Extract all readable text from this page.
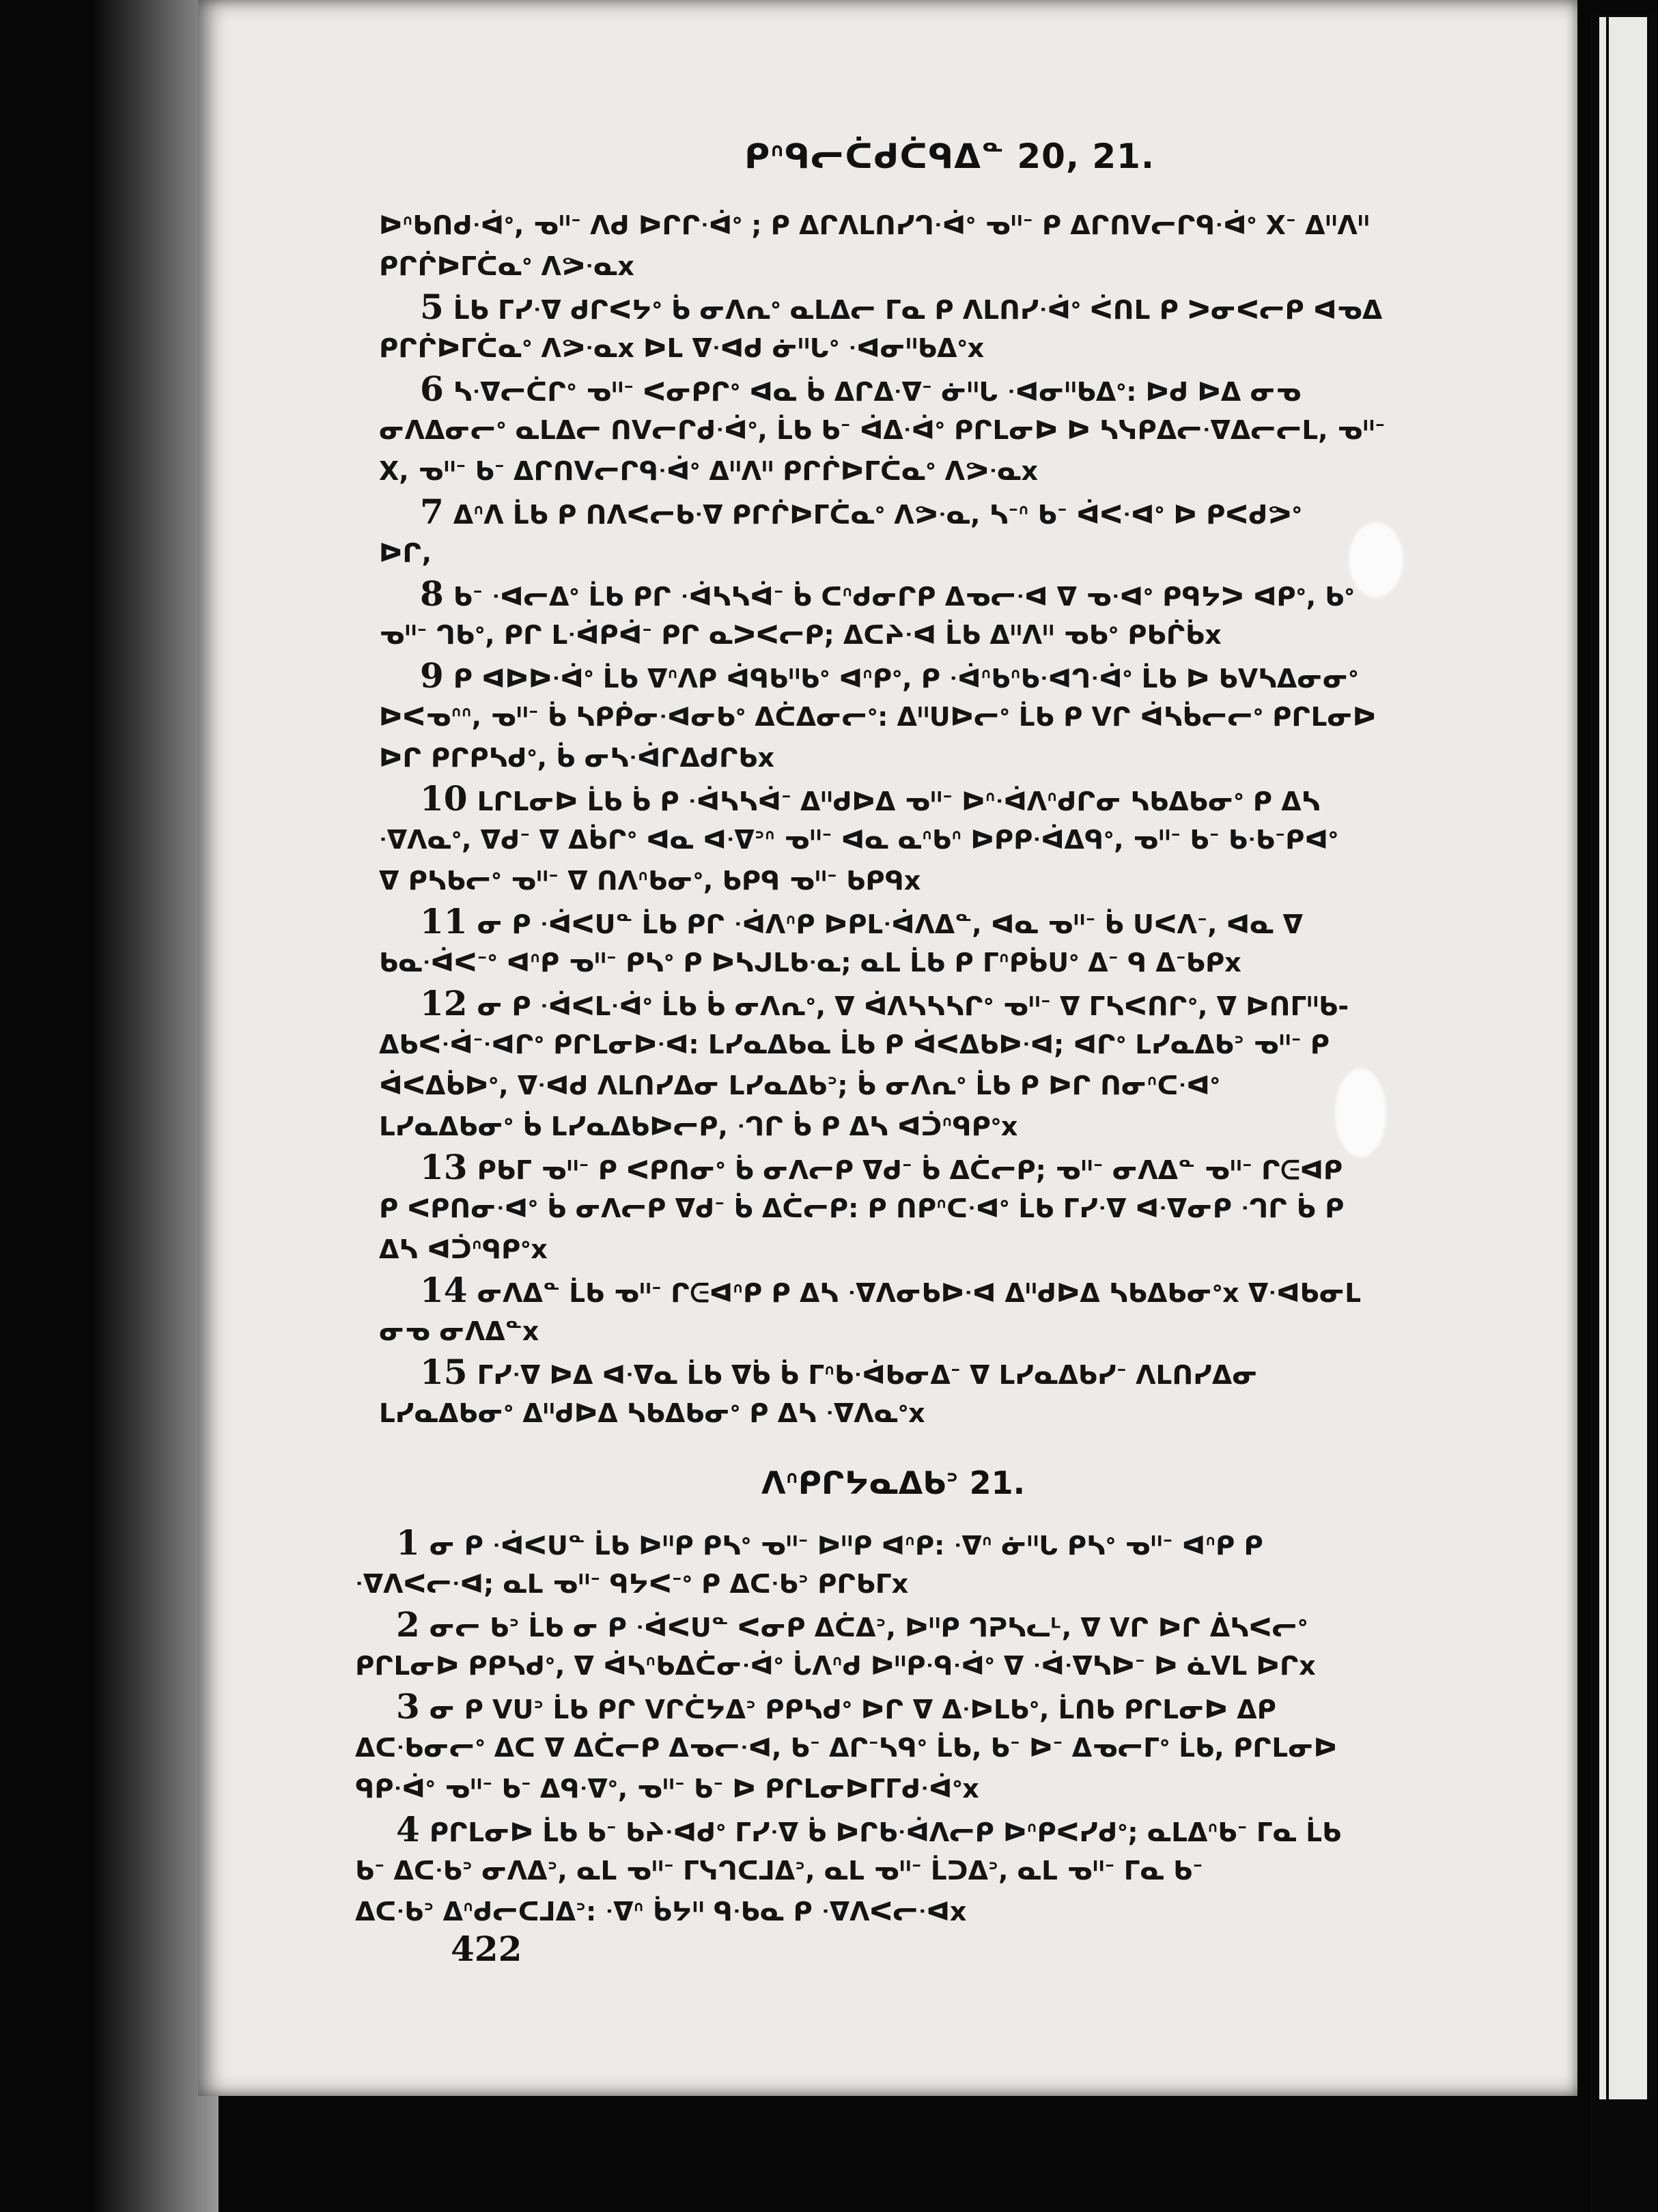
ᑭᐢᑫᓕᑖᑯᑖᑫᐃᓐ 20, 21.
ᐅᐢᑲᑎᑯᐧᐋᐤ, ᓀᐦᐨ ᐱᑯ ᐅᒋᒋᐧᐋᐤ ; ᑭ ᐃᒋᐱᒪᑎᓯᒉᐧᐋᐤ ᓀᐦᐨ ᑭ ᐃᒋᑎᐯᓕᒋᑫᐧᐋᐤ Xᐨ ᐃᐦᐱᐦ
ᑭᒋᒌᐅᒥᑖᓇᐤ ᐱᕗᐧᓇx
5 ᒫᑲ ᒥᓯᐧᐁ ᑯᒋᐸᔭᐤ ᑳ ᓂᐱᕆᐤ ᓇᒪᐃᓕ ᒥᓇ ᑭ ᐱᒪᑎᓯᐧᐋᐤ ᐹᑎᒪ ᑭ ᐳᓂᐸᓕᑭ ᐊᓀᐃ
ᑭᒋᒌᐅᒥᑖᓇᐤ ᐱᕗᐧᓇx ᐅᒪ ᐁᐧᐊᑯ ᓃᐦᒐᐤ ᐧᐊᓂᐦᑲᐃᐤx
6 ᓴᐧᐁᓕᑖᒋᐤ ᓀᐦᐨ ᐸᓂᑭᒋᐤ ᐊᓇ ᑳ ᐃᒋᐃᐧᐁᐨ ᓃᐦᒐ ᐧᐊᓂᐦᑲᐃᐤ: ᐅᑯ ᐅᐃ ᓂᓀ
ᓂᐱᐃᓂᓕᐤ ᓇᒪᐃᓕ ᑎᐯᓕᒋᑯᐧᐋᐤ, ᒫᑲ ᑲᐨ ᐋᐃᐧᐋᐤ ᑭᒋᒪᓂᐅ ᐅ ᓴᓭᑭᐃᓕᐧᐁᐃᓕᓕᒪ, ᓀᐦᐨ
X, ᓀᐦᐨ ᑲᐨ ᐃᒋᑎᐯᓕᒋᑫᐧᐋᐤ ᐃᐦᐱᐦ ᑭᒋᒌᐅᒥᑖᓇᐤ ᐱᕗᐧᓇx
7 ᐃᐢᐱ ᒫᑲ ᑭ ᑎᐱᐸᓕᑲᐧᐁ ᑭᒋᒌᐅᒥᑖᓇᐤ ᐱᕗᐧᓇ, ᓴᐨᐢ ᑲᐨ ᐋᐸᐧᐊᐤ ᐅ ᑭᐸᑯᕗᐤ
ᐅᒋ,
8 ᑲᐨ ᐧᐊᓕᐃᐤ ᒫᑲ ᑭᒋ ᐧᐋᓴᓴᐋᐨ ᑳ ᑕᐢᑯᓂᒋᑭ ᐃᓀᓕᐧᐊ ᐁ ᓀᐧᐊᐤ ᑭᑫᔭᐳ ᐊᑭᐤ, ᑲᐤ
ᓀᐦᐨ ᒉᑲᐤ, ᑭᒋ ᒪᐧᐋᑭᐋᐨ ᑭᒋ ᓇᐳᐸᓕᑭ; ᐃᑕᔨᐧᐊ ᒫᑲ ᐃᐦᐱᐦ ᓀᑲᐤ ᑭᑲᒌᑳx
9 ᑭ ᐊᐅᐅᐧᐋᐤ ᒫᑲ ᐁᐢᐱᑭ ᐋᑫᑲᐦᑲᐤ ᐊᐢᑭᐤ, ᑭ ᐧᐋᐢᑲᐢᑲᐧᐊᒉᐧᐋᐤ ᒫᑲ ᐅ ᑲᐯᓴᐃᓂᓂᐤ
ᐅᐸᓀᐢᐢ, ᓀᐦᐨ ᑳ ᓴᑭᑮᓂᐧᐊᓂᑲᐤ ᐃᑖᐃᓂᓕᐤ: ᐃᐦᑌᐅᓕᐤ ᒫᑲ ᑭ ᐯᒋ ᐋᓴᑳᓕᓕᐤ ᑭᒋᒪᓂᐅ
ᐅᒋ ᑭᒋᑭᓴᑯᐤ, ᑳ ᓂᓴᐧᐋᒋᐃᑯᒋᑲx
10 ᒪᒋᒪᓂᐅ ᒫᑲ ᑳ ᑭ ᐧᐋᓴᓴᐋᐨ ᐃᐦᑯᐅᐃ ᓀᐦᐨ ᐅᐢᐧᐋᐱᐢᑯᒋᓂ ᓴᑲᐃᑲᓂᐤ ᑭ ᐃᓴ
ᐧᐁᐱᓇᐤ, ᐁᑯᐨ ᐁ ᐃᑳᒋᐤ ᐊᓇ ᐊᐧᐁᐣᐢ ᓀᐦᐨ ᐊᓇ ᓇᐢᑲᐢ ᐅᑭᑭᐧᐋᐃᑫᐤ, ᓀᐦᐨ ᑲᐨ ᑲᐧᑲᐨᑭᐊᐤ
ᐁ ᑭᓴᑲᓕᐤ ᓀᐦᐨ ᐁ ᑎᐱᐢᑲᓂᐤ, ᑲᑭᑫ ᓀᐦᐨ ᑲᑭᑫx
11 ᓂ ᑭ ᐧᐋᐸᑌᓐ ᒫᑲ ᑭᒋ ᐧᐋᐱᐢᑭ ᐅᑭᒪᐧᐋᐱᐃᓐ, ᐊᓇ ᓀᐦᐨ ᑳ ᑌᐸᐱᐨ, ᐊᓇ ᐁ
ᑲᓇᐧᐋᐸᐨᐤ ᐊᐢᑭ ᓀᐦᐨ ᑭᓴᐤ ᑭ ᐅᓴᒍᒪᑲᐧᓇ; ᓇᒪ ᒫᑲ ᑭ ᒥᐢᑭᑳᑌᐤ ᐃᐨ ᑫ ᐃᐨᑲᑭx
12 ᓂ ᑭ ᐧᐋᐸᒪᐧᐋᐤ ᒫᑲ ᑳ ᓂᐱᕆᐤ, ᐁ ᐋᐱᓴᓴᓴᒋᐤ ᓀᐦᐨ ᐁ ᒥᓴᐸᑎᒋᐤ, ᐁ ᐅᑎᒥᐦᑲ-
ᐃᑲᐸᐧᐋᐨᐧᐊᒋᐤ ᑭᒋᒪᓂᐅᐧᐊ: ᒪᓯᓇᐃᑲᓇ ᒫᑲ ᑭ ᐋᐸᐃᑲᐅᐧᐊ; ᐊᒋᐤ ᒪᓯᓇᐃᑲᐣ ᓀᐦᐨ ᑭ
ᐋᐸᐃᑳᐅᐤ, ᐁᐧᐊᑯ ᐱᒪᑎᓯᐃᓂ ᒪᓯᓇᐃᑲᐣ; ᑳ ᓂᐱᕆᐤ ᒫᑲ ᑭ ᐅᒋ ᑎᓂᐢᑕᐧᐊᐤ
ᒪᓯᓇᐃᑲᓂᐤ ᑳ ᒪᓯᓇᐃᑲᐅᓕᑭ, ᐧᒉᒋ ᑳ ᑭ ᐃᓴ ᐊᑑᐢᑫᑭᐤx
13 ᑭᑲᒥ ᓀᐦᐨ ᑭ ᐸᑭᑎᓂᐤ ᑳ ᓂᐱᓕᑭ ᐁᑯᐨ ᑳ ᐃᑖᓕᑭ; ᓀᐦᐨ ᓂᐱᐃᓐ ᓀᐦᐨ ᒋᕮᐊᑭ
ᑭ ᐸᑭᑎᓂᐧᐊᐤ ᑳ ᓂᐱᓕᑭ ᐁᑯᐨ ᑳ ᐃᑖᓕᑭ: ᑭ ᑎᑭᐢᑕᐧᐊᐤ ᒫᑲ ᒥᓯᐧᐁ ᐊᐧᐁᓂᑭ ᐧᒉᒋ ᑳ ᑭ
ᐃᓴ ᐊᑑᐢᑫᑭᐤx
14 ᓂᐱᐃᓐ ᒫᑲ ᓀᐦᐨ ᒋᕮᐊᐢᑭ ᑭ ᐃᓴ ᐧᐁᐱᓂᑲᐅᐧᐊ ᐃᐦᑯᐅᐃ ᓴᑲᐃᑲᓂᐤx ᐁᐧᐊᑲᓂᒪ
ᓂᓀ ᓂᐱᐃᓐx
15 ᒥᓯᐧᐁ ᐅᐃ ᐊᐧᐁᓇ ᒫᑲ ᐁᑳ ᑳ ᒥᐢᑲᐧᐋᑲᓂᐃᐨ ᐁ ᒪᓯᓇᐃᑲᓯᐨ ᐱᒪᑎᓯᐃᓂ
ᒪᓯᓇᐃᑲᓂᐤ ᐃᐦᑯᐅᐃ ᓴᑲᐃᑲᓂᐤ ᑭ ᐃᓴ ᐧᐁᐱᓇᐤx
ᐱᐢᑭᒋᔭᓇᐃᑲᐣ 21.
1 ᓂ ᑭ ᐧᐋᐸᑌᓐ ᒫᑲ ᐅᐦᑭ ᑭᓴᐤ ᓀᐦᐨ ᐅᐦᑭ ᐊᐢᑭ: ᐧᐁᐢ ᓃᐦᒐ ᑭᓴᐤ ᓀᐦᐨ ᐊᐢᑭ ᑭ
ᐧᐁᐱᐸᓕᐧᐊ; ᓇᒪ ᓀᐦᐨ ᑫᔭᐸᐨᐤ ᑭ ᐃᑕᐧᑲᐣ ᑭᒋᑲᒥx
2 ᓂᓕ ᑲᐣ ᒫᑲ ᓂ ᑭ ᐧᐋᐸᑌᓐ ᐸᓂᑭ ᐃᑖᐃᐣ, ᐅᐦᑭ ᒉᕈᓴᓚᒻ, ᐁ ᐯᒋ ᐅᒋ ᐄᓴᐸᓕᐤ
ᑭᒋᒪᓂᐅ ᑭᑭᓴᑯᐤ, ᐁ ᐋᓴᐢᑲᐃᑖᓂᐧᐋᐤ ᒑᐱᐢᑯ ᐅᐦᑭᐧᑫᐧᐋᐤ ᐁ ᐧᐋᐧᐁᓴᐅᐨ ᐅ ᓈᐯᒪ ᐅᒋx
3 ᓂ ᑭ ᐯᑌᐣ ᒫᑲ ᑭᒋ ᐯᒋᑖᔭᐃᐣ ᑭᑭᓴᑯᐤ ᐅᒋ ᐁ ᐃᐧᐅᒪᑲᐤ, ᒫᑎᑲ ᑭᒋᒪᓂᐅ ᐃᑭ
ᐃᑕᐧᑲᓂᓕᐤ ᐃᑕ ᐁ ᐃᑖᓕᑭ ᐃᓀᓕᐧᐊ, ᑲᐨ ᐃᒋᐨᓴᑫᐤ ᒫᑲ, ᑲᐨ ᐅᐨ ᐃᓀᓕᒥᐤ ᒫᑲ, ᑭᒋᒪᓂᐅ
ᑫᑭᐧᐋᐤ ᓀᐦᐨ ᑲᐨ ᐃᑫᐧᐁᐤ, ᓀᐦᐨ ᑲᐨ ᐅ ᑭᒋᒪᓂᐅᒥᒥᑯᐧᐋᐤx
4 ᑭᒋᒪᓂᐅ ᒫᑲ ᑲᐨ ᑲᔨᐧᐊᑯᐤ ᒥᓯᐧᐁ ᑳ ᐅᒋᑲᐧᐋᐱᓕᑭ ᐅᐢᑭᐸᓯᑯᐤ; ᓇᒪᐃᐢᑲᐨ ᒥᓇ ᒫᑲ
ᑲᐨ ᐃᑕᐧᑲᐣ ᓂᐱᐃᐣ, ᓇᒪ ᓀᐦᐨ ᒥᓭᒉᑕᒧᐃᐣ, ᓇᒪ ᓀᐦᐨ ᒫᑐᐃᐣ, ᓇᒪ ᓀᐦᐨ ᒥᓇ ᑲᐨ
ᐃᑕᐧᑲᐣ ᐃᐢᑯᓕᑕᒧᐃᐣ: ᐧᐁᐢ ᑳᔭᐦ ᑫᐧᑲᓇ ᑭ ᐧᐁᐱᐸᓕᐧᐊx
422
